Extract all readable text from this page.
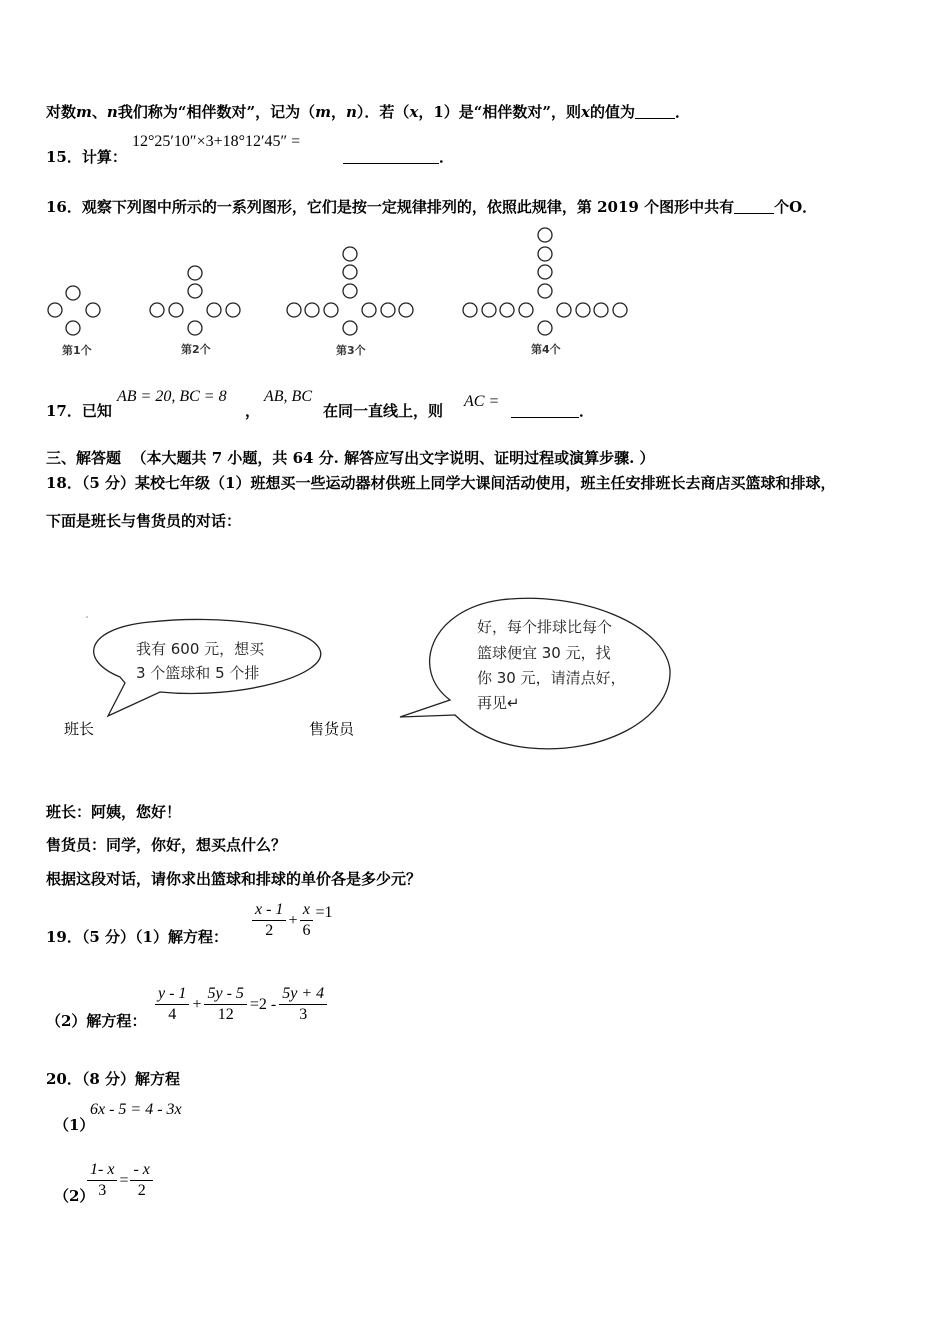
对数m、n我们称为“相伴数对”，记为（m，n）．若（x，1）是“相伴数对”，则x的值为	．
15．计算：
12°25′10″×3+18°12′45″ =
．
16．观察下列图中所示的一系列图形，它们是按一定规律排列的，依照此规律，第 2019 个图形中共有	个O．
第1个	第2个	第3个	第4个
17．已知
AB = 20, BC = 8
，
AB, BC
在同一直线上，则
AC =
．
三、解答题 （本大题共 7 小题，共 64 分. 解答应写出文字说明、证明过程或演算步骤. ）
18．（5 分）某校七年级（1）班想买一些运动器材供班上同学大课间活动使用，班主任安排班长去商店买篮球和排球，
下面是班长与售货员的对话：
我有 600 元，想买
3 个篮球和 5 个排
好，每个排球比每个
篮球便宜 30 元，找
你 30 元，请清点好，
再见↵
班长	售货员
班长：阿姨，您好！
售货员：同学，你好，想买点什么？
根据这段对话，请你求出篮球和排球的单价各是多少元？
19．（5 分）（1）解方程： $\frac{x - 1}{2} + \frac{x}{6} =1$
（2）解方程： $\frac{y - 1}{4} + \frac{5y - 5}{12} =2 - \frac{5y + 4}{3}$
20．（8 分）解方程
（1）
6x - 5 = 4 - 3x
（2）
$\frac{1- x}{3} = \frac{- x}{2}$
